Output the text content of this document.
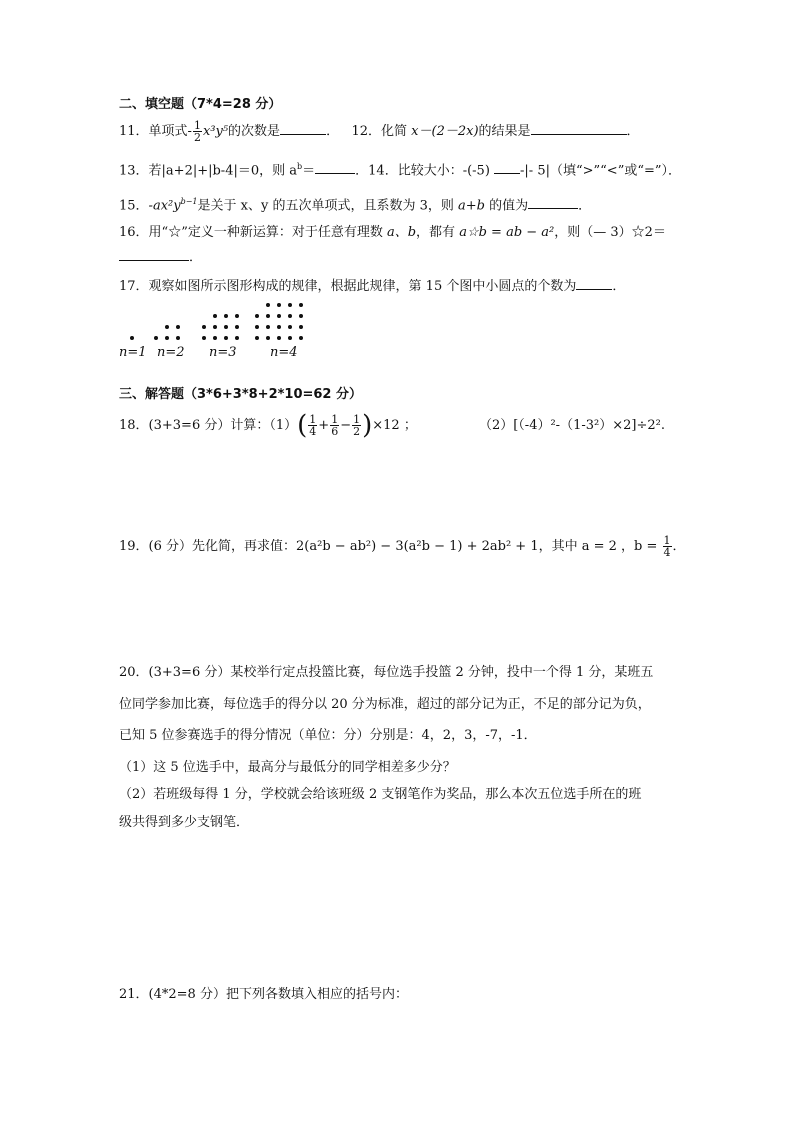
二、填空题（7*4=28 分）
11．单项式- $\frac{1}{2} x^3y^5$的次数是	． 12．化简 x－(2－2x)的结果是	．
13．若|a+2|+|b-4|＝0，则 $a^b=$	．14．比较大小：-(-5) -|- 5|（填“>”“<”或“=”）．
15．$-ax^2y^{b-1}$是关于 x、y 的五次单项式，且系数为 3，则 a+b 的值为	．
16．用“☆”定义一种新运算：对于任意有理数 a、b，都有 a☆b = ab − a²，则（— 3）☆2＝
．
17．观察如图所示图形构成的规律，根据此规律，第 15 个图中小圆点的个数为	．
n=1 n=2 n=3	n=4
三、解答题（3*6+3*8+2*10=62 分）
18．(3+3=6 分）计算：$(1)( \frac{1}{4} + \frac{1}{6} - \frac{1}{2} )\times 12$ ；	（2）[（-4）²-（1-3²）×2]÷2².
19．(6 分）先化简，再求值：2(a²b − ab²) − 3(a²b − 1) + 2ab² + 1，其中 a = 2 ，$b = \frac{1}{4}$ ．
20．(3+3=6 分）某校举行定点投篮比赛，每位选手投篮 2 分钟，投中一个得 1 分，某班五
位同学参加比赛，每位选手的得分以 20 分为标准，超过的部分记为正，不足的部分记为负，
已知 5 位参赛选手的得分情况（单位：分）分别是：4，2，3，-7，-1．
（1）这 5 位选手中，最高分与最低分的同学相差多少分？
（2）若班级每得 1 分，学校就会给该班级 2 支钢笔作为奖品，那么本次五位选手所在的班
级共得到多少支钢笔．
21．(4*2=8 分）把下列各数填入相应的括号内：
